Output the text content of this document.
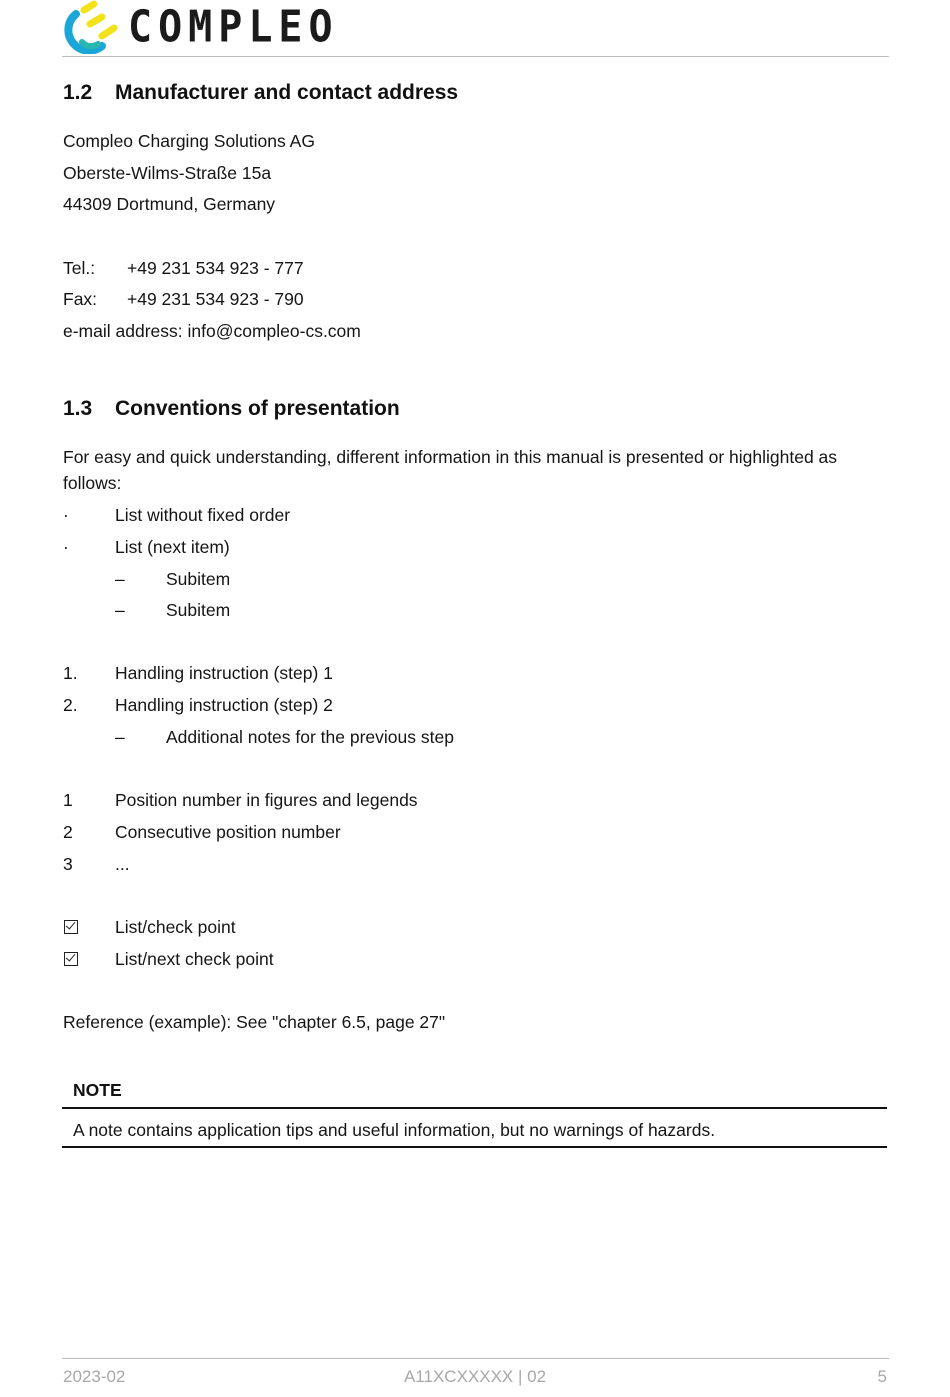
COMPLEO
1.2 Manufacturer and contact address
Compleo Charging Solutions AG
Oberste-Wilms-Straße 15a
44309 Dortmund, Germany
Tel.: +49 231 534 923 - 777
Fax: +49 231 534 923 - 790
e-mail address: info@compleo-cs.com
1.3 Conventions of presentation
For easy and quick understanding, different information in this manual is presented or highlighted as follows:
·	List without fixed order
·	List (next item)
– Subitem
– Subitem
1. Handling instruction (step) 1
2. Handling instruction (step) 2
– Additional notes for the previous step
1 Position number in figures and legends
2 Consecutive position number
3 ...
List/check point
List/next check point
Reference (example): See "chapter 6.5, page 27"
NOTE
A note contains application tips and useful information, but no warnings of hazards.
2023-02	A11XCXXXXX | 02	5
